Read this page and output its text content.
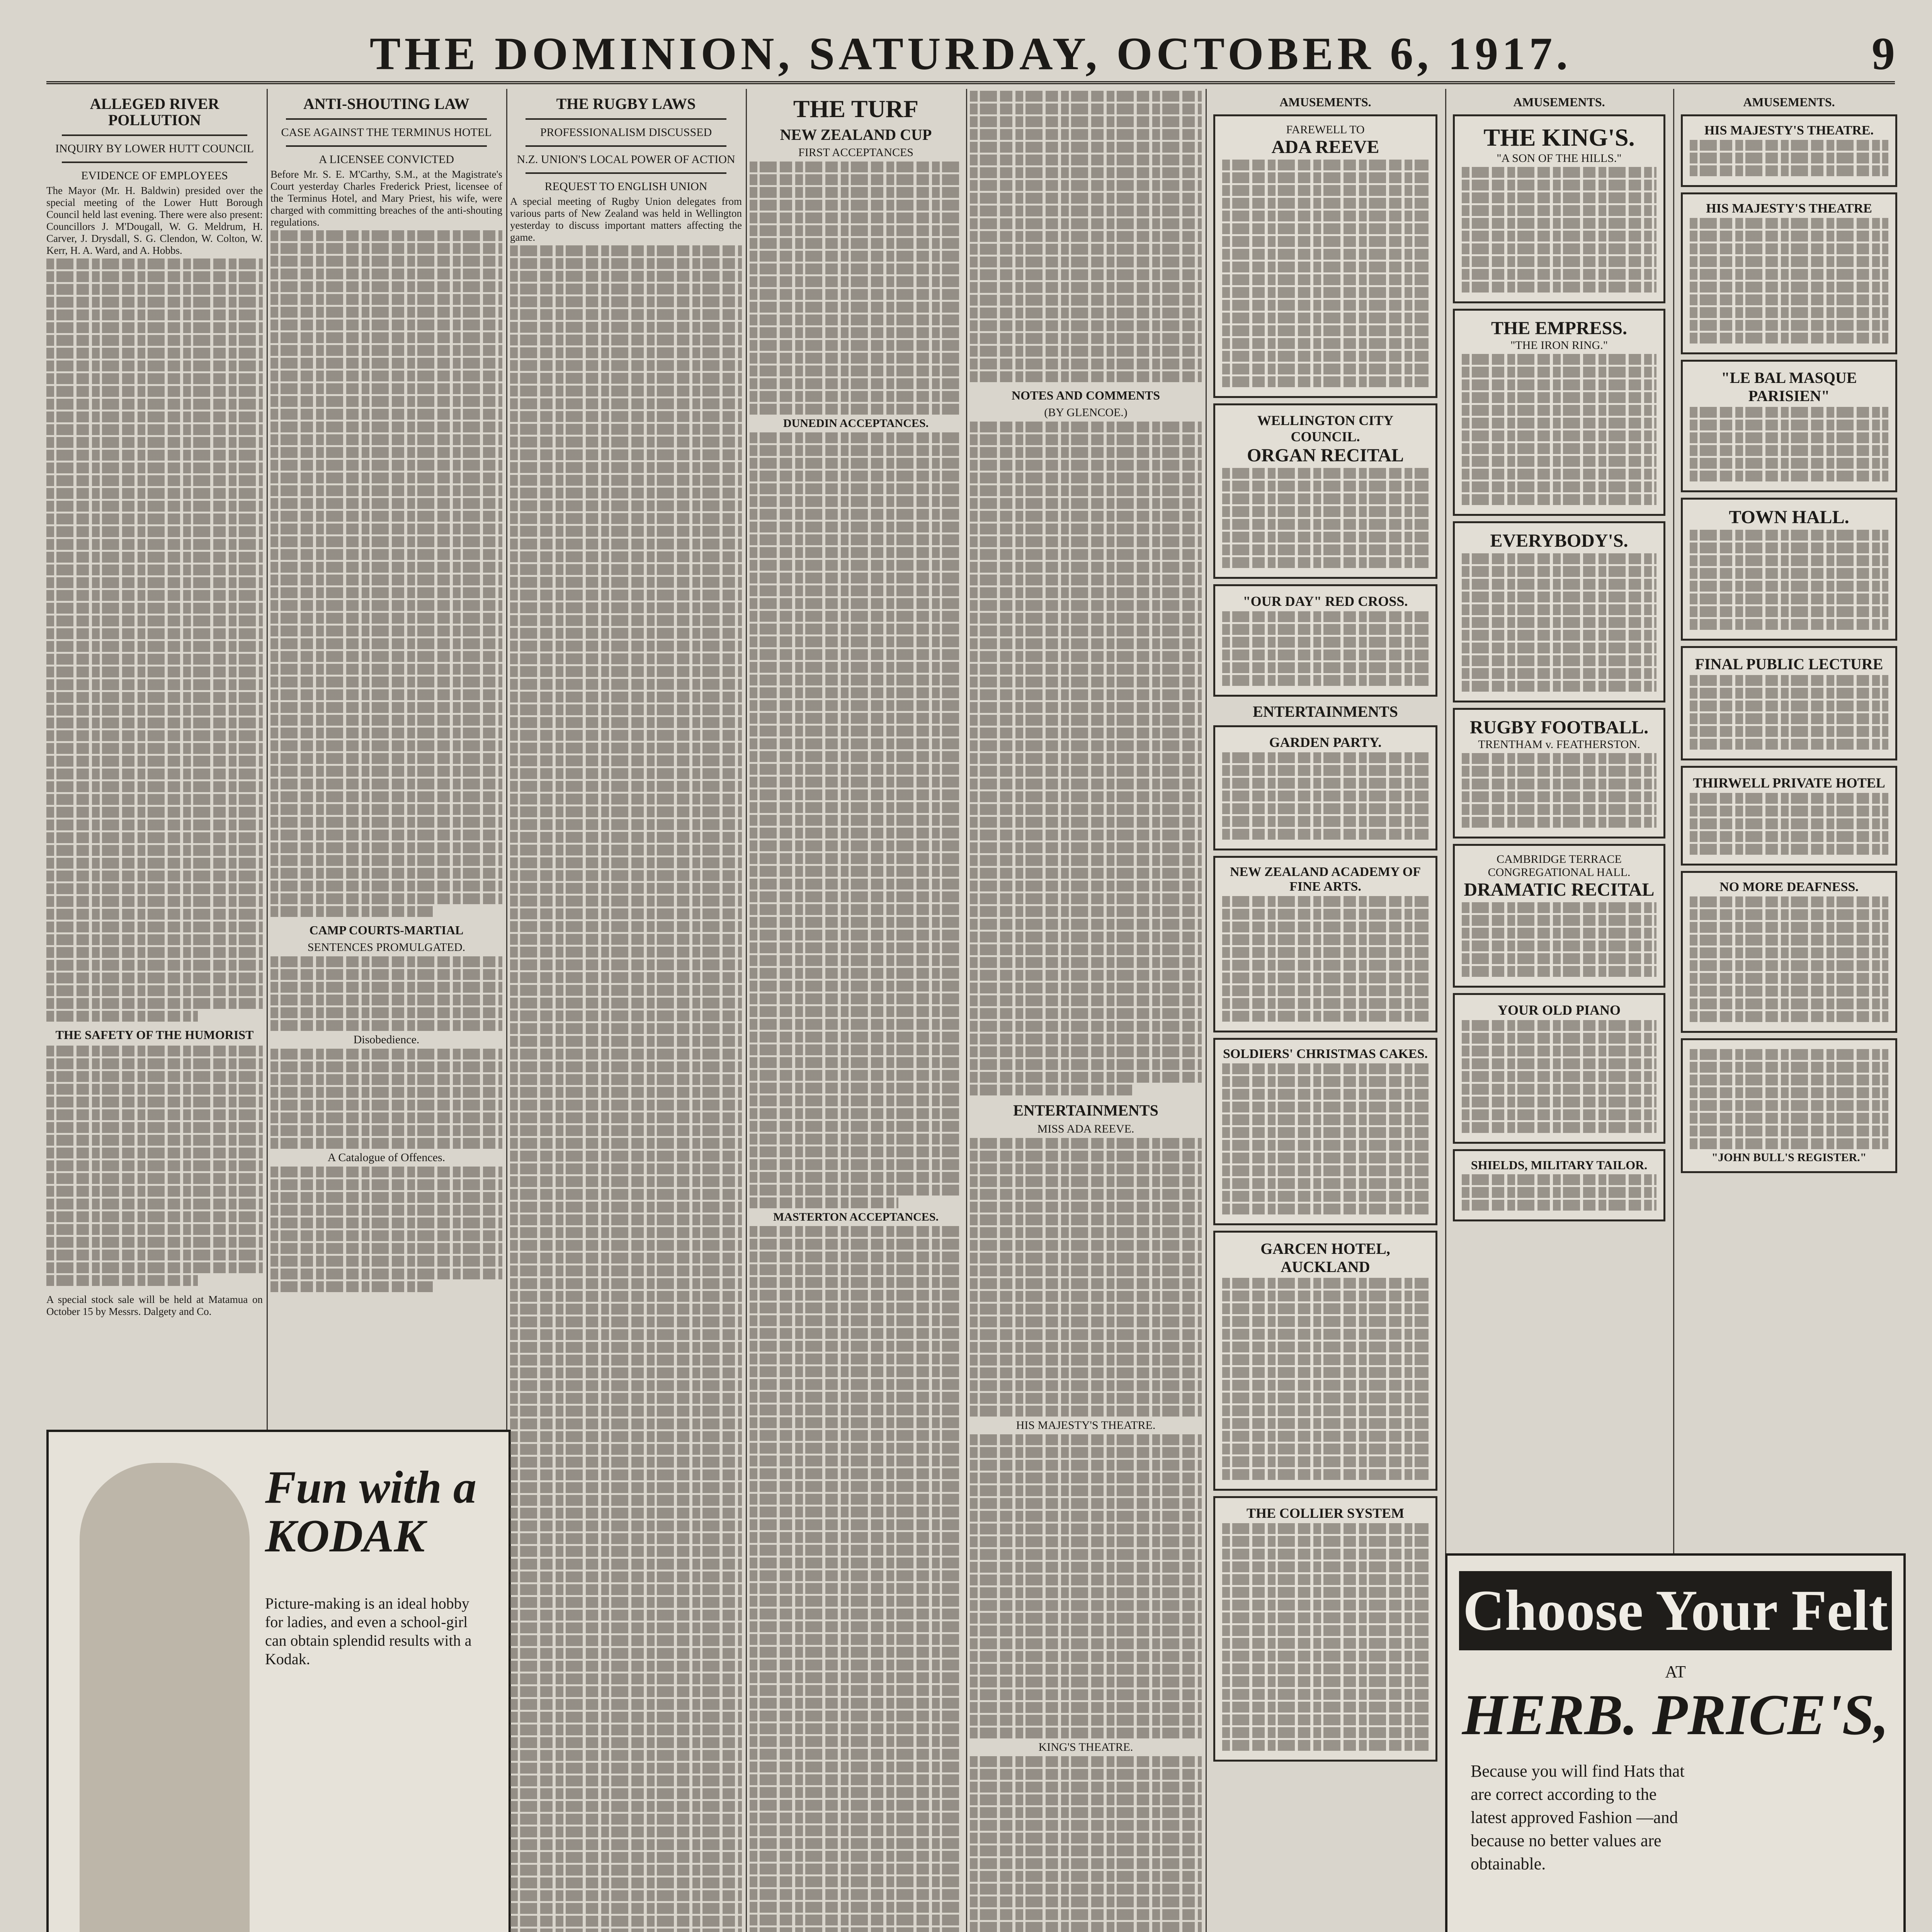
THE DOMINION, SATURDAY, OCTOBER 6, 1917.	9
ALLEGED RIVER POLLUTION
INQUIRY BY LOWER HUTT COUNCIL
EVIDENCE OF EMPLOYEES
The Mayor (Mr. H. Baldwin) presided over the special meeting of the Lower Hutt Borough Council held last evening. There were also present: Councillors J. M'Dougall, W. G. Meldrum, H. Carver, J. Drysdall, S. G. Clendon, W. Colton, W. Kerr, H. A. Ward, and A. Hobbs.
THE SAFETY OF THE HUMORIST
A special stock sale will be held at Matamua on October 15 by Messrs. Dalgety and Co.
ANTI-SHOUTING LAW
CASE AGAINST THE TERMINUS HOTEL
A LICENSEE CONVICTED
Before Mr. S. E. M'Carthy, S.M., at the Magistrate's Court yesterday Charles Frederick Priest, licensee of the Terminus Hotel, and Mary Priest, his wife, were charged with committing breaches of the anti-shouting regulations.
CAMP COURTS-MARTIAL
SENTENCES PROMULGATED.
Disobedience.
A Catalogue of Offences.
Fun with a KODAK
Picture-making is an ideal hobby for ladies, and even a school-girl can obtain splendid results with a Kodak.
THE RUGBY LAWS
PROFESSIONALISM DISCUSSED
N.Z. UNION'S LOCAL POWER OF ACTION
REQUEST TO ENGLISH UNION
A special meeting of Rugby Union delegates from various parts of New Zealand was held in Wellington yesterday to discuss important matters affecting the game.
THE TURF
NEW ZEALAND CUP
FIRST ACCEPTANCES
DUNEDIN ACCEPTANCES.
MASTERTON ACCEPTANCES.
NOTES AND COMMENTS
(BY GLENCOE.)
ENTERTAINMENTS
MISS ADA REEVE.
HIS MAJESTY'S THEATRE.
KING'S THEATRE.
AMUSEMENTS.
FAREWELL TO
ADA REEVE
WELLINGTON CITY COUNCIL.
ORGAN RECITAL
"OUR DAY" RED CROSS.
ENTERTAINMENTS
GARDEN PARTY.
NEW ZEALAND ACADEMY OF FINE ARTS.
SOLDIERS' CHRISTMAS CAKES.
GARCEN HOTEL, AUCKLAND
THE COLLIER SYSTEM
AMUSEMENTS.
THE KING'S.
"A SON OF THE HILLS."
THE EMPRESS.
"THE IRON RING."
EVERYBODY'S.
RUGBY FOOTBALL.
TRENTHAM v. FEATHERSTON.
CAMBRIDGE TERRACE CONGREGATIONAL HALL.
DRAMATIC RECITAL
YOUR OLD PIANO
SHIELDS, MILITARY TAILOR.
AMUSEMENTS.
HIS MAJESTY'S THEATRE.
HIS MAJESTY'S THEATRE
"LE BAL MASQUE PARISIEN"
TOWN HALL.
FINAL PUBLIC LECTURE
THIRWELL PRIVATE HOTEL
NO MORE DEAFNESS.
"JOHN BULL'S REGISTER."
Choose Your Felt
AT
HERB. PRICE'S,
Because you will find Hats that are correct according to the latest approved Fashion —and because no better values are obtainable.
